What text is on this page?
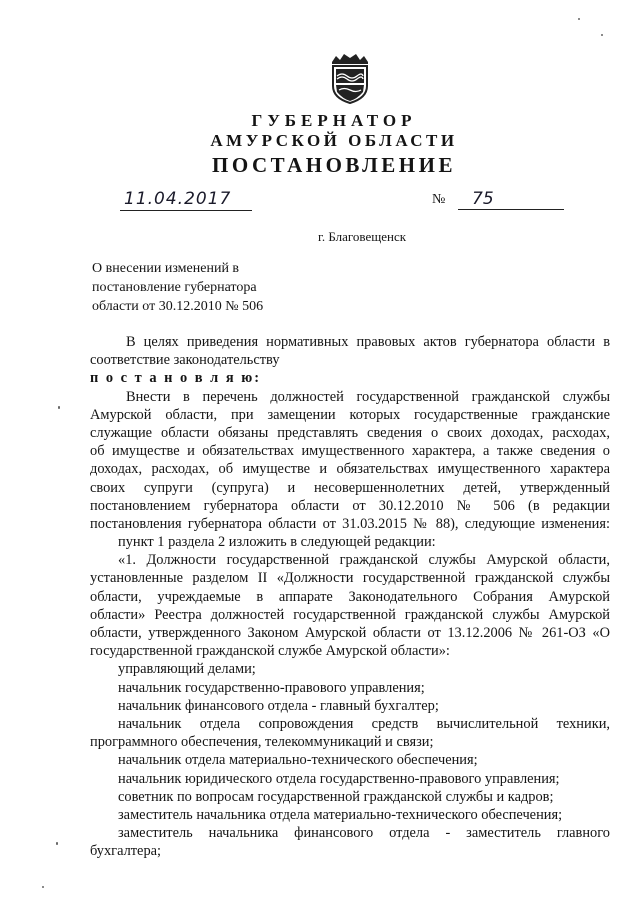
ГУБЕРНАТОР
АМУРСКОЙ ОБЛАСТИ
ПОСТАНОВЛЕНИЕ
11.04.2017	№	75
г. Благовещенск
О внесении изменений в
постановление губернатора
области от 30.12.2010 № 506
В целях приведения нормативных правовых актов губернатора области в
соответствие законодательству
п о с т а н о в л я ю:
Внести в перечень должностей государственной гражданской службы
Амурской области, при замещении которых государственные гражданские
служащие области обязаны представлять сведения о своих доходах, расходах,
об имуществе и обязательствах имущественного характера, а также сведения о
доходах, расходах, об имуществе и обязательствах имущественного характера
своих супруги (супруга) и несовершеннолетних детей, утвержденный
постановлением губернатора области от 30.12.2010 № 506 (в редакции
постановления губернатора области от 31.03.2015 № 88), следующие изменения:
пункт 1 раздела 2 изложить в следующей редакции:
«1. Должности государственной гражданской службы Амурской области,
установленные разделом II «Должности государственной гражданской службы
области, учреждаемые в аппарате Законодательного Собрания Амурской
области» Реестра должностей государственной гражданской службы Амурской
области, утвержденного Законом Амурской области от 13.12.2006 № 261-ОЗ «О
государственной гражданской службе Амурской области»:
управляющий делами;
начальник государственно-правового управления;
начальник финансового отдела - главный бухгалтер;
начальник отдела сопровождения средств вычислительной техники,
программного обеспечения, телекоммуникаций и связи;
начальник отдела материально-технического обеспечения;
начальник юридического отдела государственно-правового управления;
советник по вопросам государственной гражданской службы и кадров;
заместитель начальника отдела материально-технического обеспечения;
заместитель начальника финансового отдела - заместитель главного
бухгалтера;
